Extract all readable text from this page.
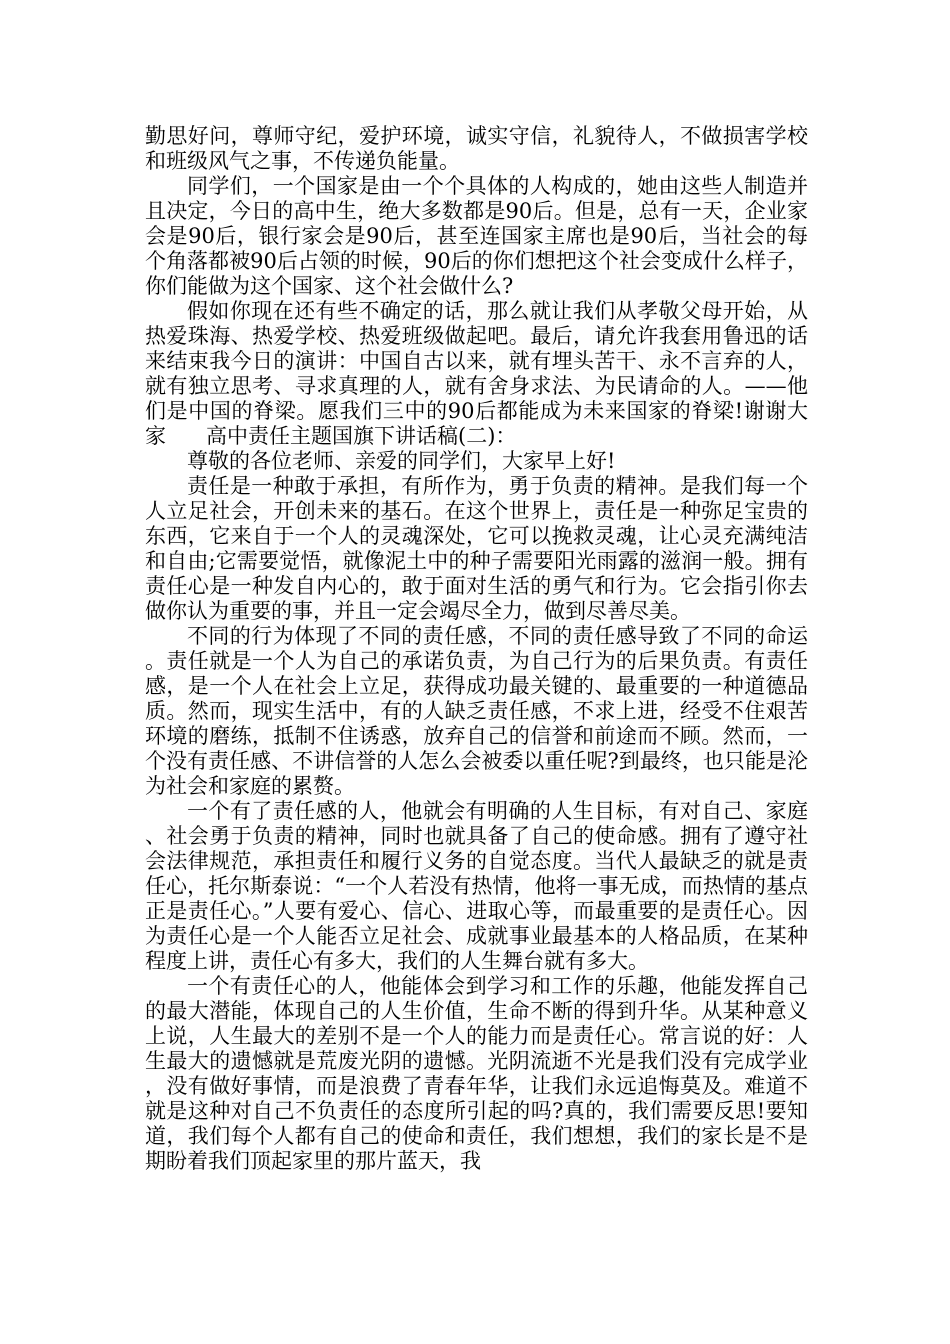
勤思好问，尊师守纪，爱护环境，诚实守信，礼貌待人，不做损害学校和班级风气之事，不传递负能量。

同学们，一个国家是由一个个具体的人构成的，她由这些人制造并且决定，今日的高中生，绝大多数都是90后。但是，总有一天，企业家会是90后，银行家会是90后，甚至连国家主席也是90后，当社会的每个角落都被90后占领的时候，90后的你们想把这个社会变成什么样子，你们能做为这个国家、这个社会做什么?

假如你现在还有些不确定的话，那么就让我们从孝敬父母开始，从热爱珠海、热爱学校、热爱班级做起吧。最后，请允许我套用鲁迅的话来结束我今日的演讲：中国自古以来，就有埋头苦干、永不言弃的人，就有独立思考、寻求真理的人，就有舍身求法、为民请命的人。——他们是中国的脊梁。愿我们三中的90后都能成为未来国家的脊梁!谢谢大家 高中责任主题国旗下讲话稿(二)：

尊敬的各位老师、亲爱的同学们，大家早上好!

责任是一种敢于承担，有所作为，勇于负责的精神。是我们每一个人立足社会，开创未来的基石。在这个世界上，责任是一种弥足宝贵的东西，它来自于一个人的灵魂深处，它可以挽救灵魂，让心灵充满纯洁和自由;它需要觉悟，就像泥土中的种子需要阳光雨露的滋润一般。拥有责任心是一种发自内心的，敢于面对生活的勇气和行为。它会指引你去做你认为重要的事，并且一定会竭尽全力，做到尽善尽美。

不同的行为体现了不同的责任感，不同的责任感导致了不同的命运。责任就是一个人为自己的承诺负责，为自己行为的后果负责。有责任感，是一个人在社会上立足，获得成功最关键的、最重要的一种道德品质。然而，现实生活中，有的人缺乏责任感，不求上进，经受不住艰苦环境的磨练，抵制不住诱惑，放弃自己的信誉和前途而不顾。然而，一个没有责任感、不讲信誉的人怎么会被委以重任呢?到最终，也只能是沦为社会和家庭的累赘。

一个有了责任感的人，他就会有明确的人生目标，有对自己、家庭、社会勇于负责的精神，同时也就具备了自己的使命感。拥有了遵守社会法律规范，承担责任和履行义务的自觉态度。当代人最缺乏的就是责任心，托尔斯泰说：“一个人若没有热情，他将一事无成，而热情的基点正是责任心。”人要有爱心、信心、进取心等，而最重要的是责任心。因为责任心是一个人能否立足社会、成就事业最基本的人格品质，在某种程度上讲，责任心有多大，我们的人生舞台就有多大。

一个有责任心的人，他能体会到学习和工作的乐趣，他能发挥自己的最大潜能，体现自己的人生价值，生命不断的得到升华。从某种意义上说，人生最大的差别不是一个人的能力而是责任心。常言说的好：人生最大的遗憾就是荒废光阴的遗憾。光阴流逝不光是我们没有完成学业，没有做好事情，而是浪费了青春年华，让我们永远追悔莫及。难道不就是这种对自己不负责任的态度所引起的吗?真的，我们需要反思!要知道，我们每个人都有自己的使命和责任，我们想想，我们的家长是不是期盼着我们顶起家里的那片蓝天，我
